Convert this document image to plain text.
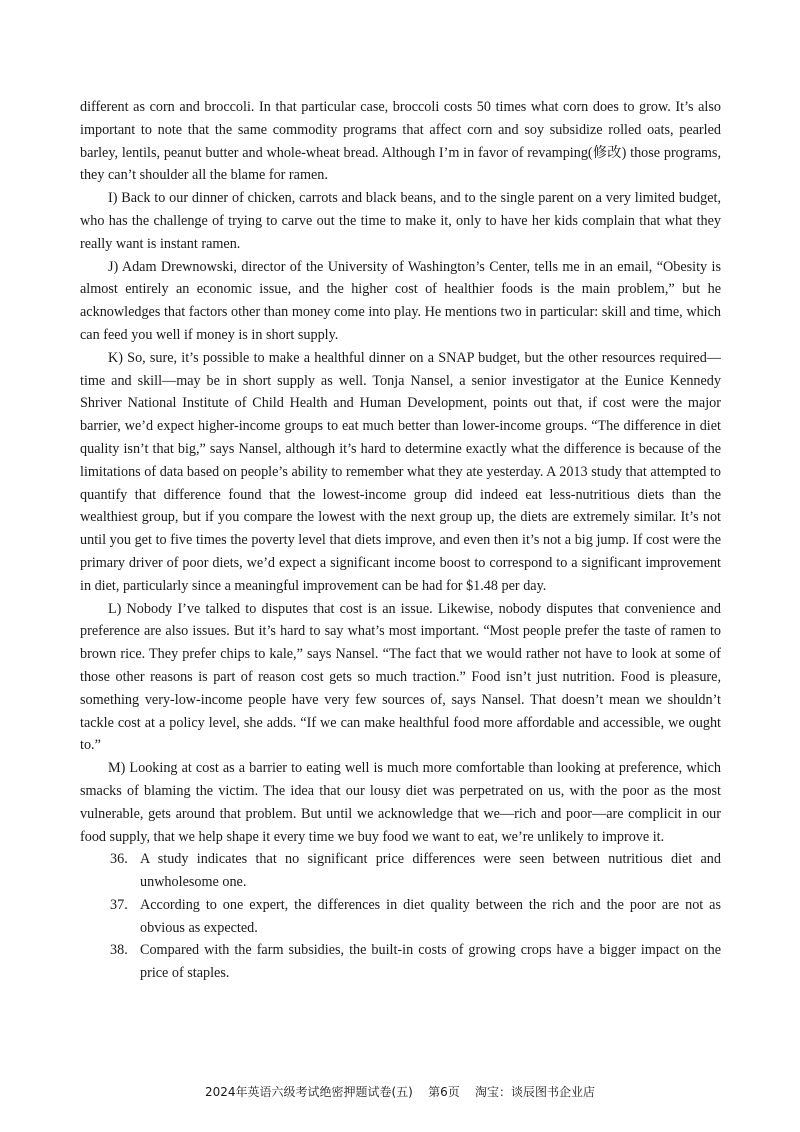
different as corn and broccoli. In that particular case, broccoli costs 50 times what corn does to grow. It’s also important to note that the same commodity programs that affect corn and soy subsidize rolled oats, pearled barley, lentils, peanut butter and whole-wheat bread. Although I’m in favor of revamping(修改) those programs, they can’t shoulder all the blame for ramen.

I) Back to our dinner of chicken, carrots and black beans, and to the single parent on a very limited budget, who has the challenge of trying to carve out the time to make it, only to have her kids complain that what they really want is instant ramen.

J) Adam Drewnowski, director of the University of Washington’s Center, tells me in an email, “Obesity is almost entirely an economic issue, and the higher cost of healthier foods is the main problem,” but he acknowledges that factors other than money come into play. He mentions two in particular: skill and time, which can feed you well if money is in short supply.

K) So, sure, it’s possible to make a healthful dinner on a SNAP budget, but the other resources required—time and skill—may be in short supply as well. Tonja Nansel, a senior investigator at the Eunice Kennedy Shriver National Institute of Child Health and Human Development, points out that, if cost were the major barrier, we’d expect higher-income groups to eat much better than lower-income groups. “The difference in diet quality isn’t that big,” says Nansel, although it’s hard to determine exactly what the difference is because of the limitations of data based on people’s ability to remember what they ate yesterday. A 2013 study that attempted to quantify that difference found that the lowest-income group did indeed eat less-nutritious diets than the wealthiest group, but if you compare the lowest with the next group up, the diets are extremely similar. It’s not until you get to five times the poverty level that diets improve, and even then it’s not a big jump. If cost were the primary driver of poor diets, we’d expect a significant income boost to correspond to a significant improvement in diet, particularly since a meaningful improvement can be had for $1.48 per day.

L) Nobody I’ve talked to disputes that cost is an issue. Likewise, nobody disputes that convenience and preference are also issues. But it’s hard to say what’s most important. “Most people prefer the taste of ramen to brown rice. They prefer chips to kale,” says Nansel. “The fact that we would rather not have to look at some of those other reasons is part of reason cost gets so much traction.” Food isn’t just nutrition. Food is pleasure, something very-low-income people have very few sources of, says Nansel. That doesn’t mean we shouldn’t tackle cost at a policy level, she adds. “If we can make healthful food more affordable and accessible, we ought to.”

M) Looking at cost as a barrier to eating well is much more comfortable than looking at preference, which smacks of blaming the victim. The idea that our lousy diet was perpetrated on us, with the poor as the most vulnerable, gets around that problem. But until we acknowledge that we—rich and poor—are complicit in our food supply, that we help shape it every time we buy food we want to eat, we’re unlikely to improve it.

36. A study indicates that no significant price differences were seen between nutritious diet and unwholesome one.
37. According to one expert, the differences in diet quality between the rich and the poor are not as obvious as expected.
38. Compared with the farm subsidies, the built-in costs of growing crops have a bigger impact on the price of staples.
2024年英语六级考试绝密押题试卷(五) 第6页 淘宝：谈辰图书企业店
